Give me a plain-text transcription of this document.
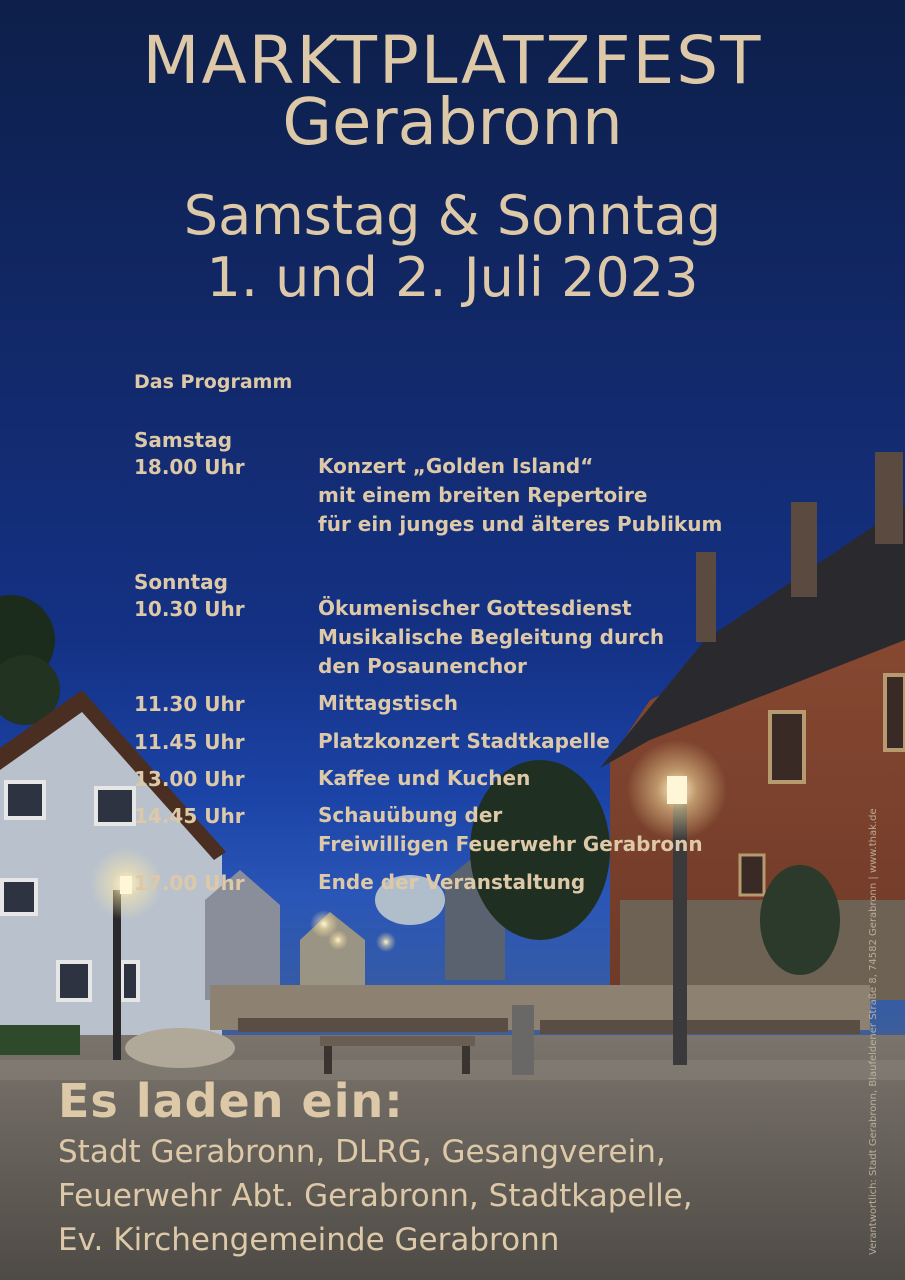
MARKTPLATZFEST
Gerabronn
Samstag & Sonntag
1. und 2. Juli 2023
Das Programm
Samstag
18.00 Uhr	Konzert „Golden Island“
mit einem breiten Repertoire
für ein junges und älteres Publikum
Sonntag
10.30 Uhr	Ökumenischer Gottesdienst
Musikalische Begleitung durch
den Posaunenchor
11.30 Uhr	Mittagstisch
11.45 Uhr	Platzkonzert Stadtkapelle
13.00 Uhr	Kaffee und Kuchen
14.45 Uhr	Schauübung der
Freiwilligen Feuerwehr Gerabronn
17.00 Uhr	Ende der Veranstaltung
Es laden ein:
Stadt Gerabronn, DLRG, Gesangverein,
Feuerwehr Abt. Gerabronn, Stadtkapelle,
Ev. Kirchengemeinde Gerabronn	Verantwortlich: Stadt Gerabronn, Blaufeldener Straße 8, 74582 Gerabronn | www.thak.de
